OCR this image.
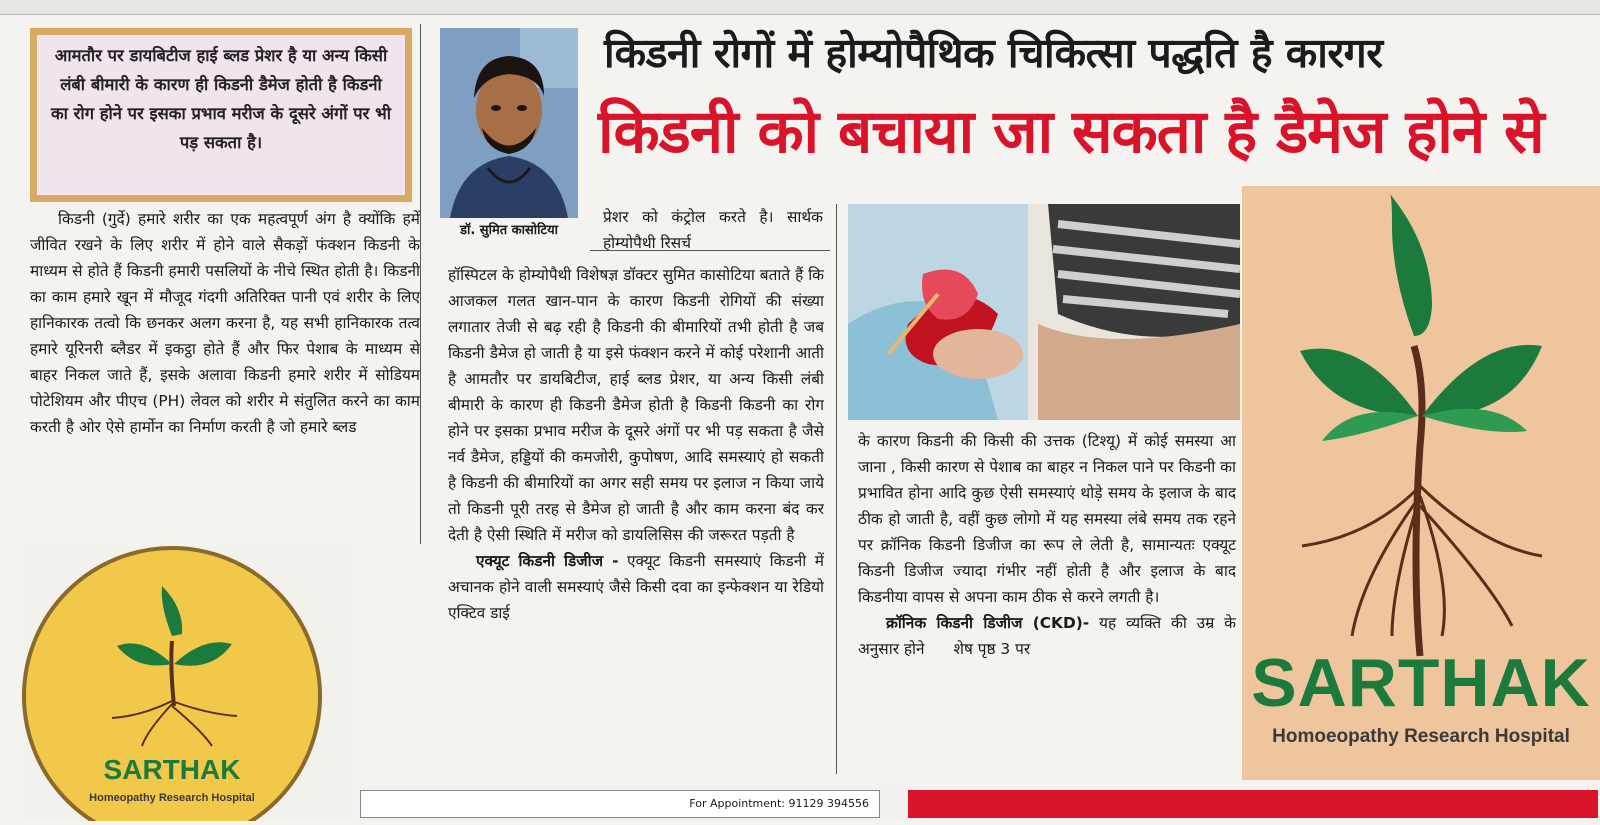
आमतौर पर डायबिटीज हाई ब्लड प्रेशर है या अन्य किसी लंबी बीमारी के कारण ही किडनी डैमेज होती है किडनी का रोग होने पर इसका प्रभाव मरीज के दूसरे अंगों पर भी पड़ सकता है।
डॉ. सुमित कासोटिया
किडनी रोगों में होम्योपैथिक चिकित्सा पद्धति है कारगर
किडनी को बचाया जा सकता है डैमेज होने से

किडनी (गुर्दे) हमारे शरीर का एक महत्वपूर्ण अंग है क्योंकि हमें जीवित रखने के लिए शरीर में होने वाले सैकड़ों फंक्शन किडनी के माध्यम से होते हैं किडनी हमारी पसलियों के नीचे स्थित होती है। किडनी का काम हमारे खून में मौजूद गंदगी अतिरिक्त पानी एवं शरीर के लिए हानिकारक तत्वो कि छनकर अलग करना है, यह सभी हानिकारक तत्व हमारे यूरिनरी ब्लैडर में इकट्ठा होते हैं और फिर पेशाब के माध्यम से बाहर निकल जाते हैं, इसके अलावा किडनी हमारे शरीर में सोडियम पोटेशियम और पीएच (PH) लेवल को शरीर मे संतुलित करने का काम करती है ओर ऐसे हार्मोन का निर्माण करती है जो हमारे ब्लड

प्रेशर को कंट्रोल करते है। सार्थक होम्योपैथी रिसर्च

हॉस्पिटल के होम्योपैथी विशेषज्ञ डॉक्टर सुमित कासोटिया बताते हैं कि आजकल गलत खान-पान के कारण किडनी रोगियों की संख्या लगातार तेजी से बढ़ रही है किडनी की बीमारियों तभी होती है जब किडनी डैमेज हो जाती है या इसे फंक्शन करने में कोई परेशानी आती है आमतौर पर डायबिटीज, हाई ब्लड प्रेशर, या अन्य किसी लंबी बीमारी के कारण ही किडनी डैमेज होती है किडनी किडनी का रोग होने पर इसका प्रभाव मरीज के दूसरे अंगों पर भी पड़ सकता है जैसे नर्व डैमेज, हड्डियों की कमजोरी, कुपोषण, आदि समस्याएं हो सकती है किडनी की बीमारियों का अगर सही समय पर इलाज न किया जाये तो किडनी पूरी तरह से डैमेज हो जाती है और काम करना बंद कर देती है ऐसी स्थिति में मरीज को डायलिसिस की जरूरत पड़ती है

एक्यूट किडनी डिजीज - एक्यूट किडनी समस्याएं किडनी में अचानक होने वाली समस्याएं जैसे किसी दवा का इन्फेक्शन या रेडियो एक्टिव डाई

के कारण किडनी की किसी की उत्तक (टिश्यू) में कोई समस्या आ जाना , किसी कारण से पेशाब का बाहर न निकल पाने पर किडनी का प्रभावित होना आदि कुछ ऐसी समस्याएं थोड़े समय के इलाज के बाद ठीक हो जाती है, वहीं कुछ लोगो में यह समस्या लंबे समय तक रहने पर क्रॉनिक किडनी डिजीज का रूप ले लेती है, सामान्यतः एक्यूट किडनी डिजीज ज्यादा गंभीर नहीं होती है और इलाज के बाद किडनीया वापस से अपना काम ठीक से करने लगती है।

क्रॉनिक किडनी डिजीज (CKD)- यह व्यक्ति की उम्र के अनुसार होने शेष पृष्ठ 3 पर	SARTHAK
Homoeopathy Research Hospital
SARTHAK
Homeopathy Research Hospital	For Appointment: 91129 394556
